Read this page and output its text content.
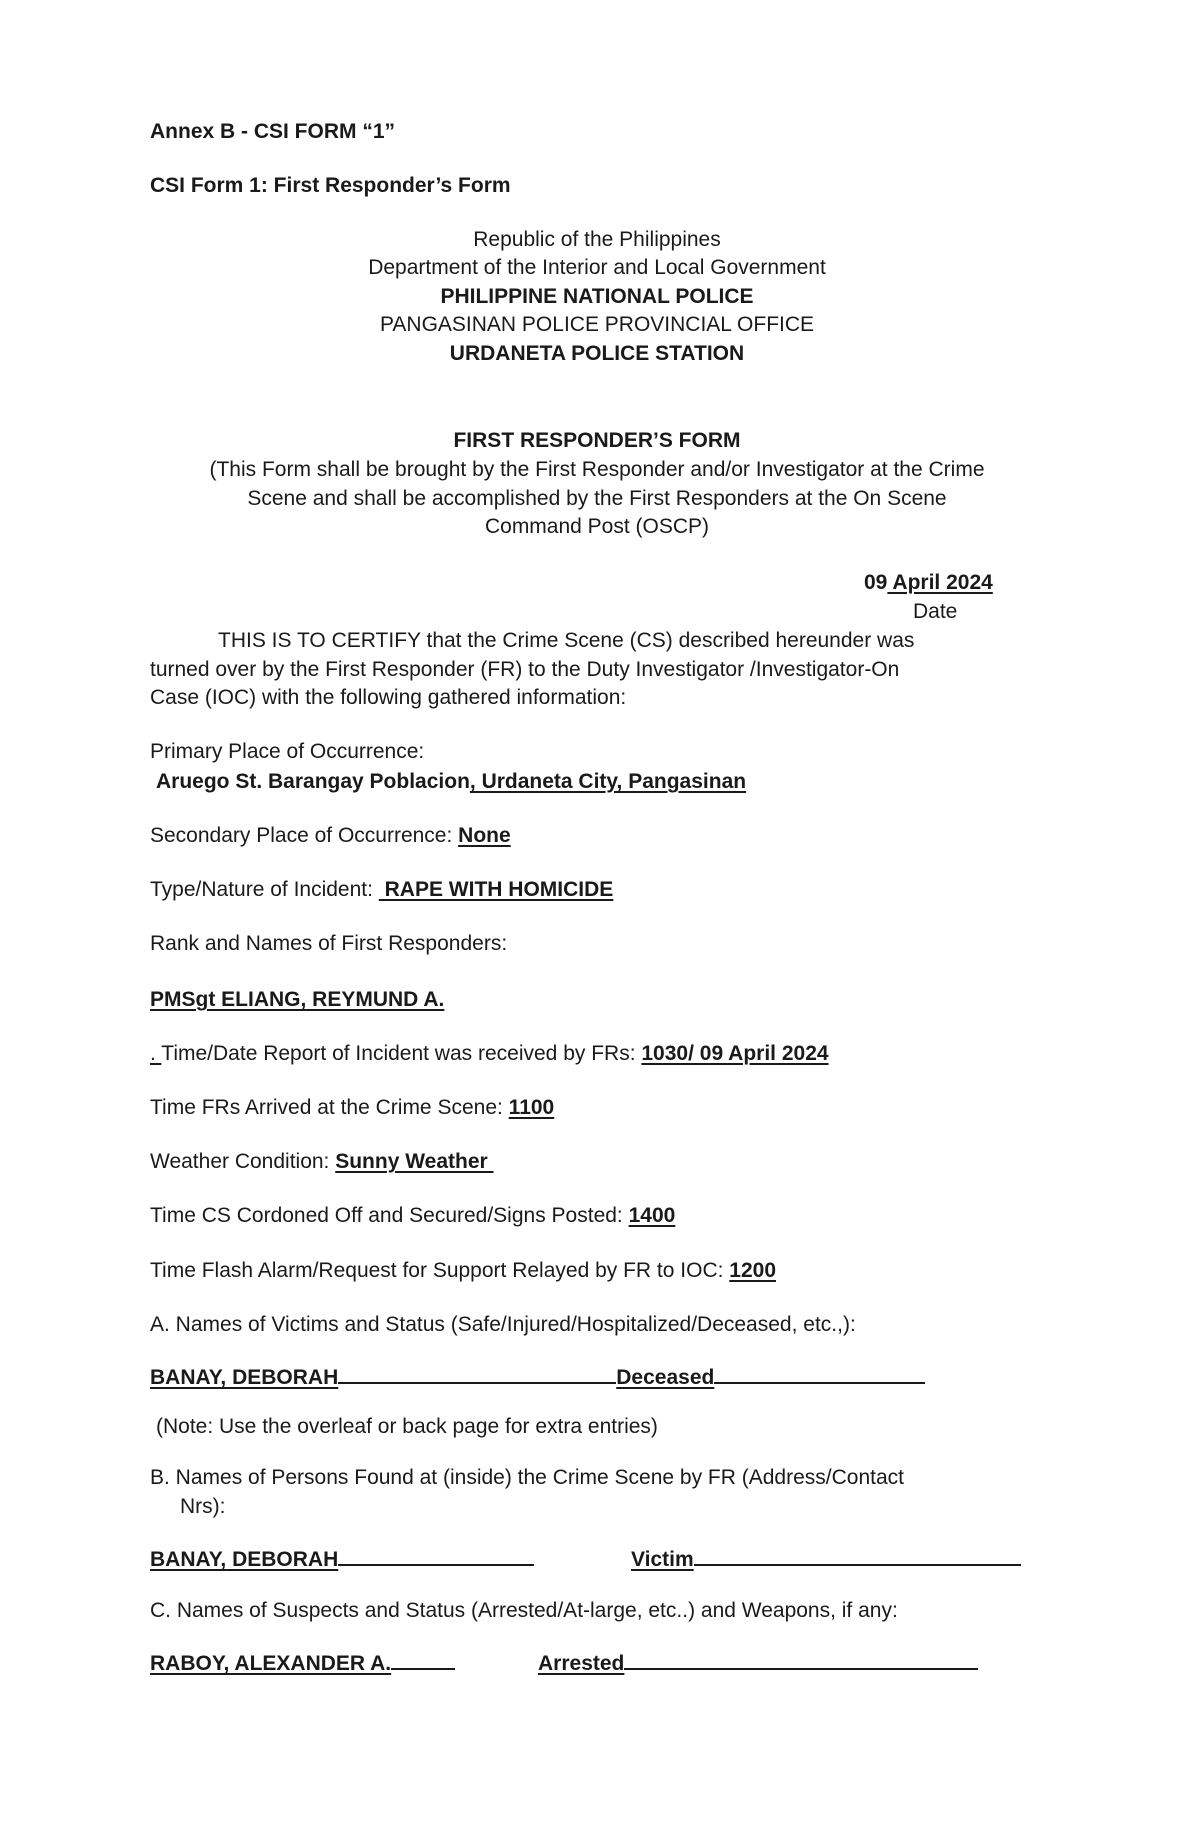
Annex B - CSI FORM “1”
CSI Form 1: First Responder’s Form
Republic of the Philippines
Department of the Interior and Local Government
PHILIPPINE NATIONAL POLICE
PANGASINAN POLICE PROVINCIAL OFFICE
URDANETA POLICE STATION
FIRST RESPONDER’S FORM
(This Form shall be brought by the First Responder and/or Investigator at the Crime
Scene and shall be accomplished by the First Responders at the On Scene
Command Post (OSCP)
09 April 2024
Date
THIS IS TO CERTIFY that the Crime Scene (CS) described hereunder was
turned over by the First Responder (FR) to the Duty Investigator /Investigator-On
Case (IOC) with the following gathered information:
Primary Place of Occurrence:
Aruego St. Barangay Poblacion, Urdaneta City, Pangasinan
Secondary Place of Occurrence: None
Type/Nature of Incident:  RAPE WITH HOMICIDE
Rank and Names of First Responders:
PMSgt ELIANG, REYMUND A.
. Time/Date Report of Incident was received by FRs: 1030/ 09 April 2024
Time FRs Arrived at the Crime Scene: 1100
Weather Condition: Sunny Weather
Time CS Cordoned Off and Secured/Signs Posted: 1400
Time Flash Alarm/Request for Support Relayed by FR to IOC: 1200
A. Names of Victims and Status (Safe/Injured/Hospitalized/Deceased, etc.,):
BANAY, DEBORAH	Deceased
(Note: Use the overleaf or back page for extra entries)
B. Names of Persons Found at (inside) the Crime Scene by FR (Address/Contact
Nrs):
BANAY, DEBORAH	Victim
C. Names of Suspects and Status (Arrested/At-large, etc..) and Weapons, if any:
RABOY, ALEXANDER A.	Arrested
